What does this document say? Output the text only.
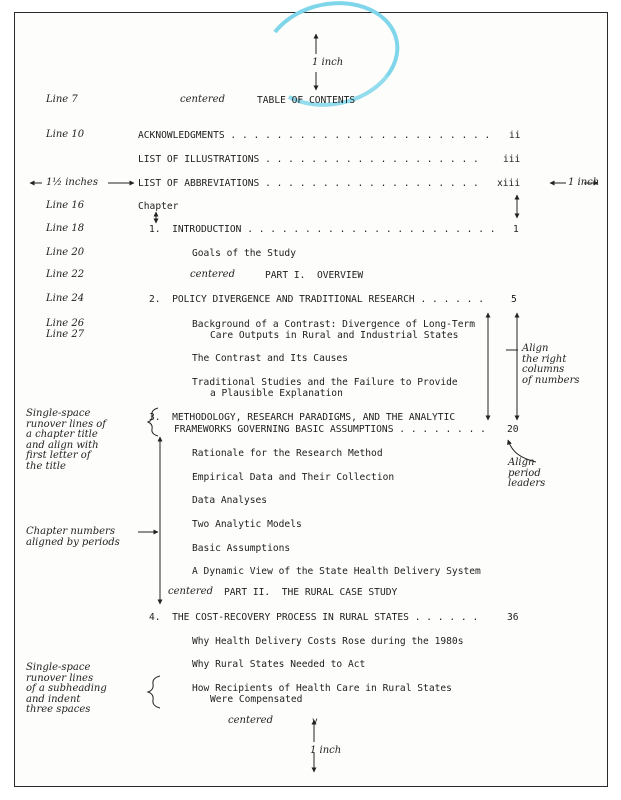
1 inch
Line 7	centered
Line 10
1½ inches	1 inch
Line 16
Line 18
Line 20
Line 22	centered
Line 24
Line 26
Line 27
Align
the right
columns
of numbers
Single-space
runover lines of
a chapter title
and align with
first letter of
the title	Align
period
leaders
Chapter numbers
aligned by periods
centered
Single-space
runover lines
of a subheading
and indent
three spaces
centered
1 inch
TABLE OF CONTENTS
ACKNOWLEDGMENTS . . . . . . . . . . . . . . . . . . . . . . . ii
LIST OF ILLUSTRATIONS . . . . . . . . . . . . . . . . . . .	iii
LIST OF ABBREVIATIONS . . . . . . . . . . . . . . . . . . . xiii
Chapter
1.  INTRODUCTION . . . . . . . . . . . . . . . . . . . . . . 1
Goals of the Study
PART I.  OVERVIEW
2.  POLICY DIVERGENCE AND TRADITIONAL RESEARCH . . . . . .	5
Background of a Contrast: Divergence of Long-Term
Care Outputs in Rural and Industrial States
The Contrast and Its Causes
Traditional Studies and the Failure to Provide
a Plausible Explanation
3.  METHODOLOGY, RESEARCH PARADIGMS, AND THE ANALYTIC
FRAMEWORKS GOVERNING BASIC ASSUMPTIONS . . . . . . . . 20
Rationale for the Research Method
Empirical Data and Their Collection
Data Analyses
Two Analytic Models
Basic Assumptions
A Dynamic View of the State Health Delivery System
PART II.  THE RURAL CASE STUDY
4.  THE COST-RECOVERY PROCESS IN RURAL STATES . . . . . .	36
Why Health Delivery Costs Rose during the 1980s
Why Rural States Needed to Act
How Recipients of Health Care in Rural States
Were Compensated
v
